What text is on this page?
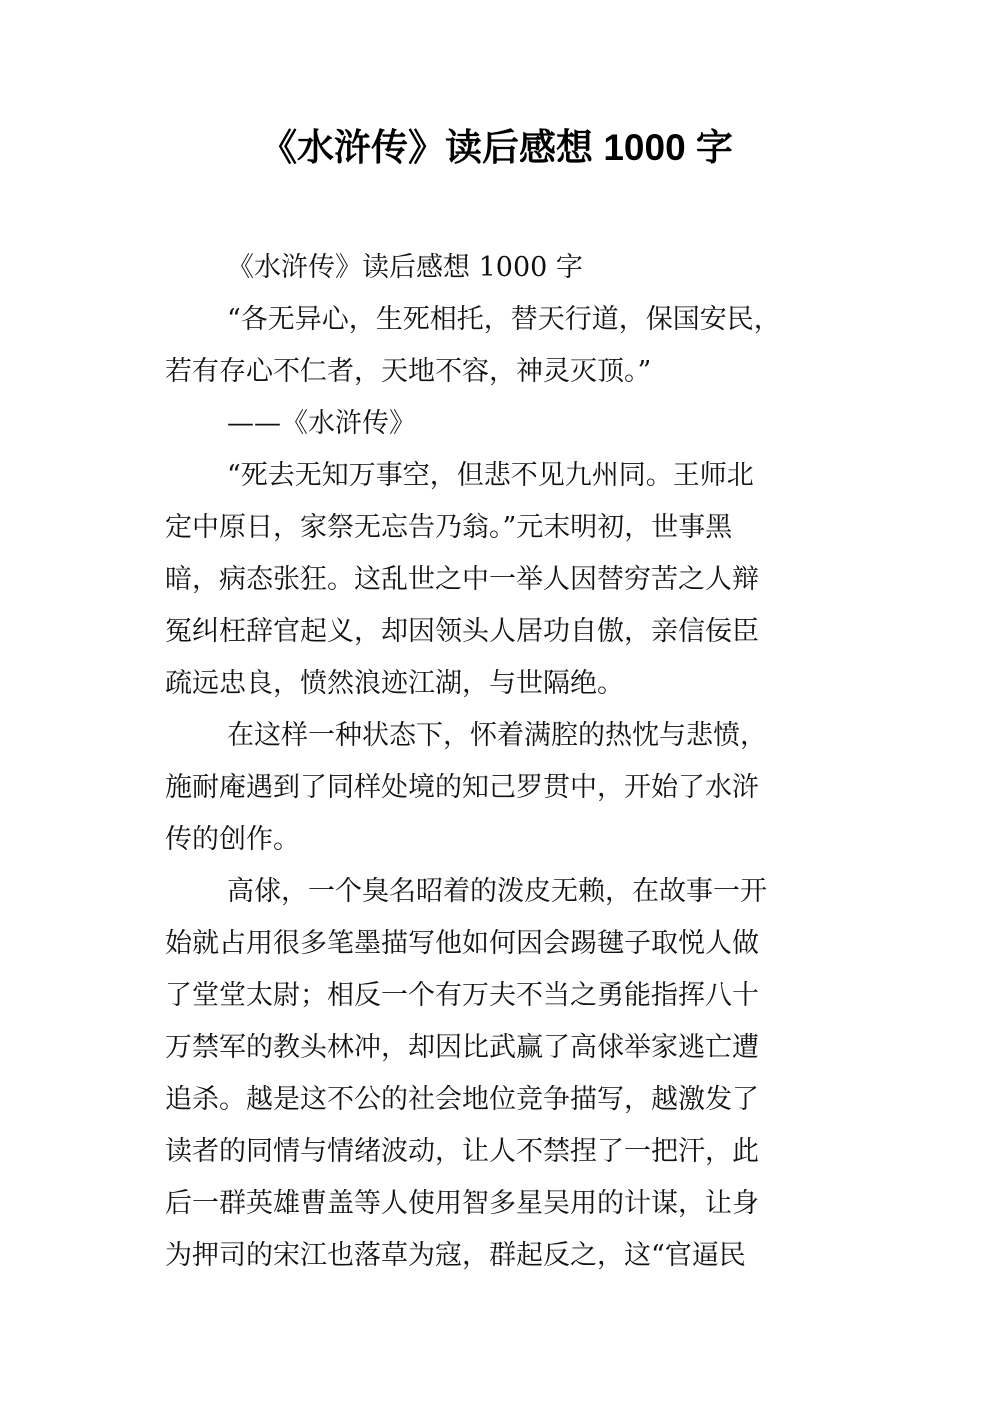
《水浒传》读后感想 1000 字

《水浒传》读后感想 1000 字

“各无异心，生死相托，替天行道，保国安民，
若有存心不仁者，天地不容，神灵灭顶。”

——《水浒传》

“死去无知万事空，但悲不见九州同。王师北
定中原日，家祭无忘告乃翁。”元末明初，世事黑
暗，病态张狂。这乱世之中一举人因替穷苦之人辩
冤纠枉辞官起义，却因领头人居功自傲，亲信佞臣
疏远忠良，愤然浪迹江湖，与世隔绝。

在这样一种状态下，怀着满腔的热忱与悲愤，
施耐庵遇到了同样处境的知己罗贯中，开始了水浒
传的创作。

高俅，一个臭名昭着的泼皮无赖，在故事一开
始就占用很多笔墨描写他如何因会踢毽子取悦人做
了堂堂太尉；相反一个有万夫不当之勇能指挥八十
万禁军的教头林冲，却因比武赢了高俅举家逃亡遭
追杀。越是这不公的社会地位竞争描写，越激发了
读者的同情与情绪波动，让人不禁捏了一把汗，此
后一群英雄曹盖等人使用智多星吴用的计谋，让身
为押司的宋江也落草为寇，群起反之，这“官逼民
